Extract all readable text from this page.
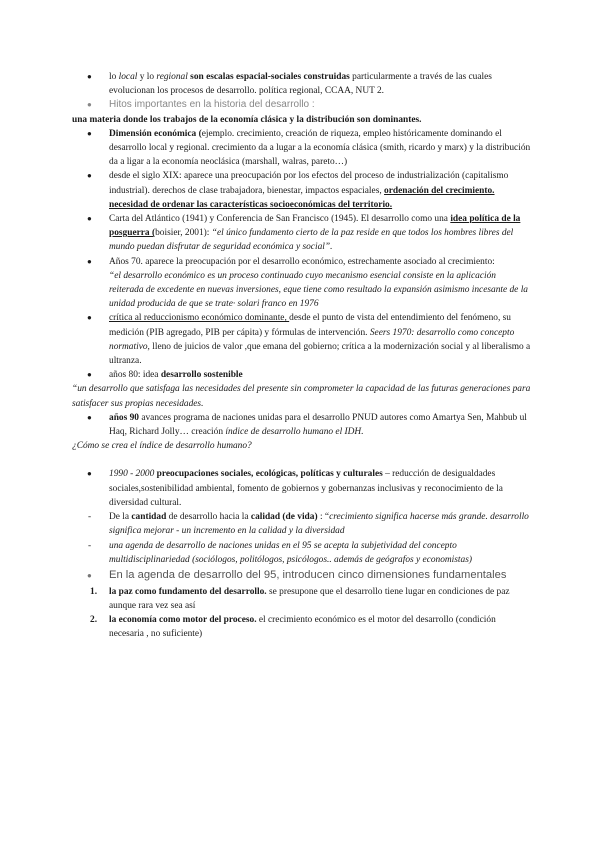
● lo local y lo regional son escalas espacial-sociales construidas particularmente a través de las cuales evolucionan los procesos de desarrollo. política regional, CCAA, NUT 2.
● Hitos importantes en la historia del desarrollo :

una materia donde los trabajos de la economía clásica y la distribución son dominantes.

● Dimensión económica (ejemplo. crecimiento, creación de riqueza, empleo históricamente dominando el desarrollo local y regional. crecimiento da a lugar a la economía clásica (smith, ricardo y marx) y la distribución da a ligar a la economía neoclásica (marshall, walras, pareto…)
● desde el siglo XIX: aparece una preocupación por los efectos del proceso de industrialización (capitalismo industrial). derechos de clase trabajadora, bienestar, impactos espaciales, ordenación del crecimiento. necesidad de ordenar las características socioeconómicas del territorio.
● Carta del Atlántico (1941) y Conferencia de San Francisco (1945). El desarrollo como una idea política de la posguerra (boisier, 2001): “el único fundamento cierto de la paz reside en que todos los hombres libres del mundo puedan disfrutar de seguridad económica y social”.
● Años 70. aparece la preocupación por el desarrollo económico, estrechamente asociado al crecimiento:
“el desarrollo económico es un proceso continuado cuyo mecanismo esencial consiste en la aplicación reiterada de excedente en nuevas inversiones, eque tiene como resultado la expansión asimismo incesante de la unidad producida de que se trate· solari franco en 1976
● crítica al reduccionismo económico dominante, desde el punto de vista del entendimiento del fenómeno, su medición (PIB agregado, PIB per cápita) y fórmulas de intervención. Seers 1970: desarrollo como concepto normativo, lleno de juicios de valor ,que emana del gobierno; crítica a la modernización social y al liberalismo a ultranza.
● años 80: idea desarrollo sostenible

“un desarrollo que satisfaga las necesidades del presente sin comprometer la capacidad de las futuras generaciones para satisfacer sus propias necesidades.

● años 90 avances programa de naciones unidas para el desarrollo PNUD autores como Amartya Sen, Mahbub ul Haq, Richard Jolly… creación índice de desarrollo humano el IDH.

¿Cómo se crea el índice de desarrollo humano?

● 1990 - 2000 preocupaciones sociales, ecológicas, políticas y culturales – reducción de desigualdades sociales,sostenibilidad ambiental, fomento de gobiernos y gobernanzas inclusivas y reconocimiento de la diversidad cultural.
- De la cantidad de desarrollo hacia la calidad (de vida) : “crecimiento significa hacerse más grande. desarrollo significa mejorar - un incremento en la calidad y la diversidad
- una agenda de desarrollo de naciones unidas en el 95 se acepta la subjetividad del concepto multidisciplinariedad (sociólogos, politólogos, psicólogos.. además de geógrafos y economistas)
● En la agenda de desarrollo del 95, introducen cinco dimensiones fundamentales
1. la paz como fundamento del desarrollo. se presupone que el desarrollo tiene lugar en condiciones de paz aunque rara vez sea así
2. la economía como motor del proceso. el crecimiento económico es el motor del desarrollo (condición necesaria , no suficiente)
